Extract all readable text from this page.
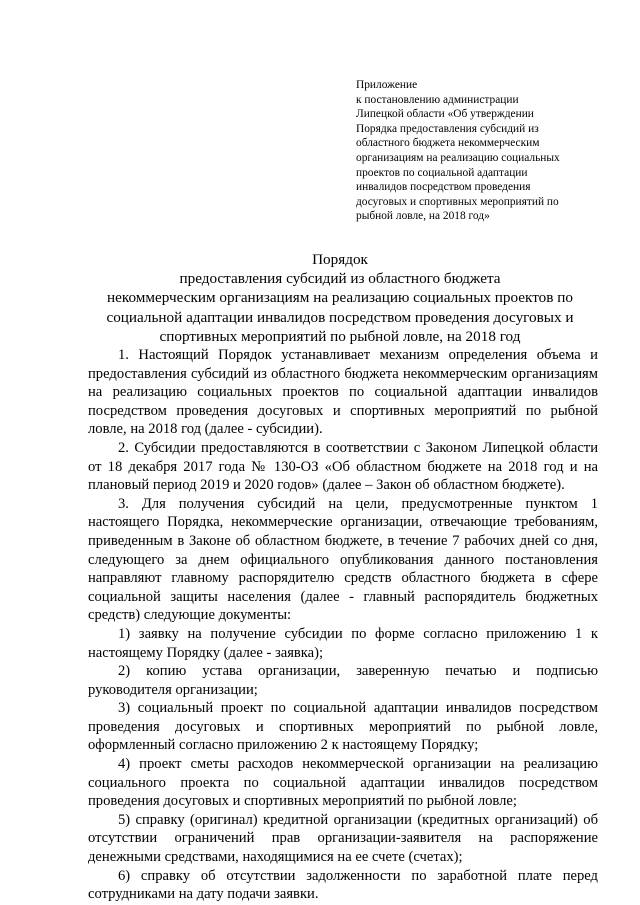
Приложение
к постановлению администрации
Липецкой области «Об утверждении
Порядка предоставления субсидий из
областного бюджета некоммерческим
организациям на реализацию социальных
проектов по социальной адаптации
инвалидов посредством проведения
досуговых и спортивных мероприятий по
рыбной ловле, на 2018 год»
Порядок
предоставления субсидий из областного бюджета
некоммерческим организациям на реализацию социальных проектов по
социальной адаптации инвалидов посредством проведения досуговых и
спортивных мероприятий по рыбной ловле, на 2018 год

1. Настоящий Порядок устанавливает механизм определения объема и предоставления субсидий из областного бюджета некоммерческим организациям на реализацию социальных проектов по социальной адаптации инвалидов посредством проведения досуговых и спортивных мероприятий по рыбной ловле, на 2018 год (далее - субсидии).

2. Субсидии предоставляются в соответствии с Законом Липецкой области от 18 декабря 2017 года № 130-ОЗ «Об областном бюджете на 2018 год и на плановый период 2019 и 2020 годов» (далее – Закон об областном бюджете).

3. Для получения субсидий на цели, предусмотренные пунктом 1 настоящего Порядка, некоммерческие организации, отвечающие требованиям, приведенным в Законе об областном бюджете, в течение 7 рабочих дней со дня, следующего за днем официального опубликования данного постановления направляют главному распорядителю средств областного бюджета в сфере социальной защиты населения (далее - главный распорядитель бюджетных средств) следующие документы:

1) заявку на получение субсидии по форме согласно приложению 1 к настоящему Порядку (далее - заявка);

2) копию устава организации, заверенную печатью и подписью руководителя организации;

3) социальный проект по социальной адаптации инвалидов посредством проведения досуговых и спортивных мероприятий по рыбной ловле, оформленный согласно приложению 2 к настоящему Порядку;

4) проект сметы расходов некоммерческой организации на реализацию социального проекта по социальной адаптации инвалидов посредством проведения досуговых и спортивных мероприятий по рыбной ловле;

5) справку (оригинал) кредитной организации (кредитных организаций) об отсутствии ограничений прав организации-заявителя на распоряжение денежными средствами, находящимися на ее счете (счетах);

6) справку об отсутствии задолженности по заработной плате перед сотрудниками на дату подачи заявки.
